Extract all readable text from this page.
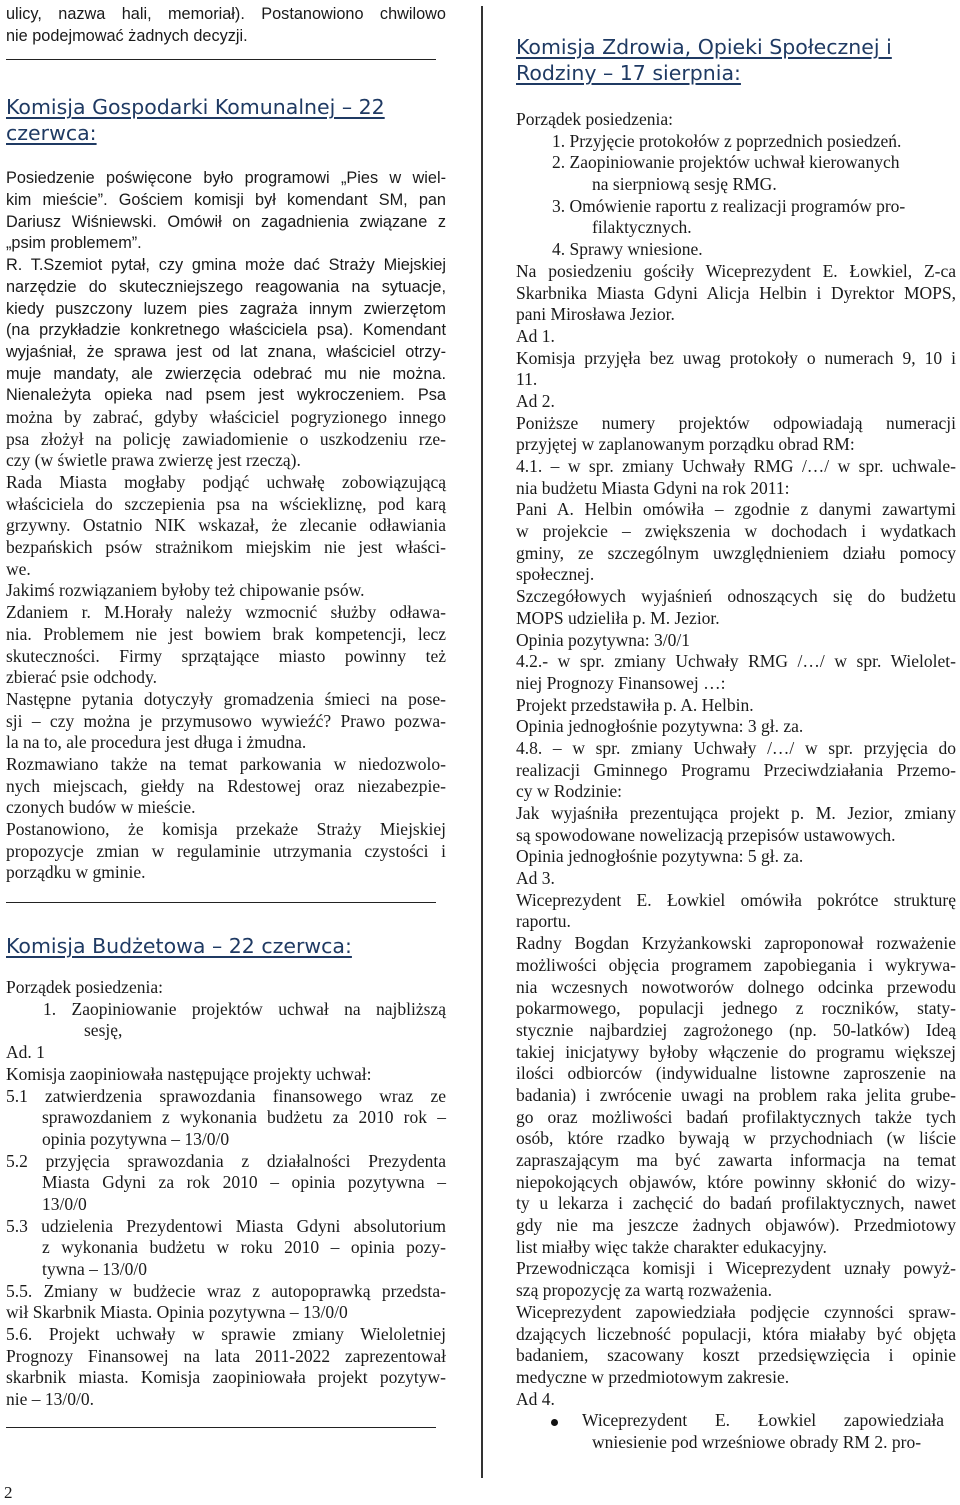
ulicy, nazwa hali, memoriał). Postanowiono chwilowo
nie podejmować żadnych decyzji.
Komisja Gospodarki Komunalnej – 22
czerwca:
Posiedzenie poświęcone było programowi „Pies w wiel-
kim mieście”. Gościem komisji był komendant SM, pan
Dariusz Wiśniewski. Omówił on zagadnienia związane z
„psim problemem”.
R. T.Szemiot pytał, czy gmina może dać Straży Miejskiej
narzędzie do skuteczniejszego reagowania na sytuacje,
kiedy puszczony luzem pies zagraża innym zwierzętom
(na przykładzie konkretnego właściciela psa). Komendant
wyjaśniał, że sprawa jest od lat znana, właściciel otrzy-
muje mandaty, ale zwierzęcia odebrać mu nie można.
Nienależyta opieka nad psem jest wykroczeniem. Psa
można by zabrać, gdyby właściciel pogryzionego innego
psa złożył na policję zawiadomienie o uszkodzeniu rze-
czy (w świetle prawa zwierzę jest rzeczą).
Rada Miasta mogłaby podjąć uchwałę zobowiązującą
właściciela do szczepienia psa na wściekliznę, pod karą
grzywny. Ostatnio NIK wskazał, że zlecanie odławiania
bezpańskich psów strażnikom miejskim nie jest właści-
we.
Jakimś rozwiązaniem byłoby też chipowanie psów.
Zdaniem r. M.Horały należy wzmocnić służby odława-
nia. Problemem nie jest bowiem brak kompetencji, lecz
skuteczności. Firmy sprzątające miasto powinny też
zbierać psie odchody.
Następne pytania dotyczyły gromadzenia śmieci na pose-
sji – czy można je przymusowo wywieźć? Prawo pozwa-
la na to, ale procedura jest długa i żmudna.
Rozmawiano także na temat parkowania w niedozwolo-
nych miejscach, giełdy na Rdestowej oraz niezabezpie-
czonych budów w mieście.
Postanowiono, że komisja przekaże Straży Miejskiej
propozycje zmian w regulaminie utrzymania czystości i
porządku w gminie.
Komisja Budżetowa – 22 czerwca:
Porządek posiedzenia:
1. Zaopiniowanie projektów uchwał na najbliższą
sesję,
Ad. 1
Komisja zaopiniowała następujące projekty uchwał:
5.1 zatwierdzenia sprawozdania finansowego wraz ze
sprawozdaniem z wykonania budżetu za 2010 rok –
opinia pozytywna – 13/0/0
5.2 przyjęcia sprawozdania z działalności Prezydenta
Miasta Gdyni za rok 2010 – opinia pozytywna –
13/0/0
5.3 udzielenia Prezydentowi Miasta Gdyni absolutorium
z wykonania budżetu w roku 2010 – opinia pozy-
tywna – 13/0/0
5.5. Zmiany w budżecie wraz z autopoprawką przedsta-
wił Skarbnik Miasta. Opinia pozytywna – 13/0/0
5.6. Projekt uchwały w sprawie zmiany Wieloletniej
Prognozy Finansowej na lata 2011-2022 zaprezentował
skarbnik miasta. Komisja zaopiniowała projekt pozytyw-
nie – 13/0/0.
Komisja Zdrowia, Opieki Społecznej i
Rodziny – 17 sierpnia:
Porządek posiedzenia:
1. Przyjęcie protokołów z poprzednich posiedzeń.
2. Zaopiniowanie projektów uchwał kierowanych
na sierpniową sesję RMG.
3. Omówienie raportu z realizacji programów pro-
filaktycznych.
4. Sprawy wniesione.
Na posiedzeniu gościły Wiceprezydent E. Łowkiel, Z-ca
Skarbnika Miasta Gdyni Alicja Helbin i Dyrektor MOPS,
pani Mirosława Jezior.
Ad 1.
Komisja przyjęła bez uwag protokoły o numerach 9, 10 i
11.
Ad 2.
Poniższe numery projektów odpowiadają numeracji
przyjętej w zaplanowanym porządku obrad RM:
4.1. – w spr. zmiany Uchwały RMG /…/ w spr. uchwale-
nia budżetu Miasta Gdyni na rok 2011:
Pani A. Helbin omówiła – zgodnie z danymi zawartymi
w projekcie – zwiększenia w dochodach i wydatkach
gminy, ze szczególnym uwzględnieniem działu pomocy
społecznej.
Szczegółowych wyjaśnień odnoszących się do budżetu
MOPS udzieliła p. M. Jezior.
Opinia pozytywna: 3/0/1
4.2.- w spr. zmiany Uchwały RMG /…/ w spr. Wielolet-
niej Prognozy Finansowej …:
Projekt przedstawiła p. A. Helbin.
Opinia jednogłośnie pozytywna: 3 gł. za.
4.8. – w spr. zmiany Uchwały /…/ w spr. przyjęcia do
realizacji Gminnego Programu Przeciwdziałania Przemo-
cy w Rodzinie:
Jak wyjaśniła prezentująca projekt p. M. Jezior, zmiany
są spowodowane nowelizacją przepisów ustawowych.
Opinia jednogłośnie pozytywna: 5 gł. za.
Ad 3.
Wiceprezydent E. Łowkiel omówiła pokrótce strukturę
raportu.
Radny Bogdan Krzyżankowski zaproponował rozważenie
możliwości objęcia programem zapobiegania i wykrywa-
nia wczesnych nowotworów dolnego odcinka przewodu
pokarmowego, populacji jednego z roczników, staty-
stycznie najbardziej zagrożonego (np. 50-latków) Ideą
takiej inicjatywy byłoby włączenie do programu większej
ilości odbiorców (indywidualne listowne zaproszenie na
badania) i zwrócenie uwagi na problem raka jelita grube-
go oraz możliwości badań profilaktycznych także tych
osób, które rzadko bywają w przychodniach (w liście
zapraszającym ma być zawarta informacja na temat
niepokojących objawów, które powinny skłonić do wizy-
ty u lekarza i zachęcić do badań profilaktycznych, nawet
gdy nie ma jeszcze żadnych objawów). Przedmiotowy
list miałby więc także charakter edukacyjny.
Przewodnicząca komisji i Wiceprezydent uznały powyż-
szą propozycję za wartą rozważenia.
Wiceprezydent zapowiedziała podjęcie czynności spraw-
dzających liczebność populacji, która miałaby być objęta
badaniem, szacowany koszt przedsięwzięcia i opinie
medyczne w przedmiotowym zakresie.
Ad 4.
Wiceprezydent E. Łowkiel zapowiedziała
wniesienie pod wrześniowe obrady RM 2. pro-
2
